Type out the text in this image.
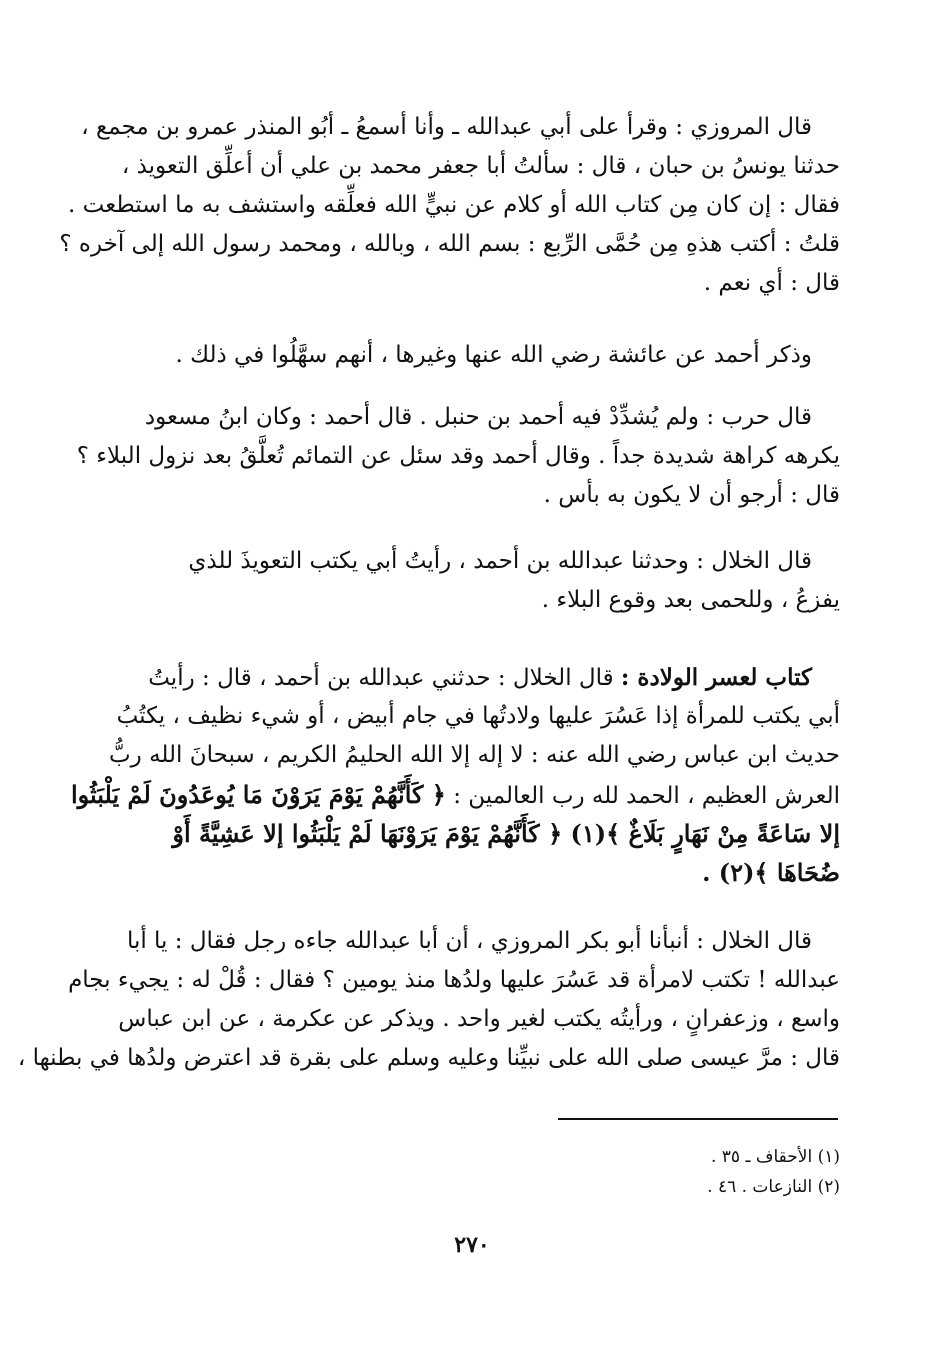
قال المروزي : وقرأ على أبي عبدالله ـ وأنا أسمعُ ـ أبُو المنذر عمرو بن مجمع ،
حدثنا يونسُ بن حبان ، قال : سألتُ أبا جعفر محمد بن علي أن أعلِّق التعويذ ،
فقال : إن كان مِن كتاب الله أو كلام عن نبيٍّ الله فعلِّقه واستشف به ما استطعت .
قلتُ : أكتب هذهِ مِن حُمَّى الرِّبع : بسم الله ، وبالله ، ومحمد رسول الله إلى آخره ؟
قال : أي نعم .
وذكر أحمد عن عائشة رضي الله عنها وغيرها ، أنهم سهَّلُوا في ذلك .
قال حرب : ولم يُشدِّدْ فيه أحمد بن حنبل . قال أحمد : وكان ابنُ مسعود
يكرهه كراهة شديدة جداً . وقال أحمد وقد سئل عن التمائم تُعلَّقُ بعد نزول البلاء ؟
قال : أرجو أن لا يكون به بأس .
قال الخلال : وحدثنا عبدالله بن أحمد ، رأيتُ أبي يكتب التعويذَ للذي
يفزعُ ، وللحمى بعد وقوع البلاء .
كتاب لعسر الولادة : قال الخلال : حدثني عبدالله بن أحمد ، قال : رأيتُ
أبي يكتب للمرأة إذا عَسُرَ عليها ولادتُها في جام أبيض ، أو شيء نظيف ، يكتُبُ
حديث ابن عباس رضي الله عنه : لا إله إلا الله الحليمُ الكريم ، سبحانَ الله ربُّ
العرش العظيم ، الحمد لله رب العالمين : ﴿ كَأَنَّهُمْ يَوْمَ يَرَوْنَ مَا يُوعَدُونَ لَمْ يَلْبَثُوا
إلا سَاعَةً مِنْ نَهَارٍ بَلَاغٌ ﴾(١) ﴿ كَأَنَّهُمْ يَوْمَ يَرَوْنَهَا لَمْ يَلْبَثُوا إلا عَشِيَّةً أَوْ
ضُحَاهَا ﴾(٢) .
قال الخلال : أنبأنا أبو بكر المروزي ، أن أبا عبدالله جاءه رجل فقال : يا أبا
عبدالله ! تكتب لامرأة قد عَسُرَ عليها ولدُها منذ يومين ؟ فقال : قُلْ له : يجيء بجام
واسع ، وزعفرانٍ ، ورأيتُه يكتب لغير واحد . ويذكر عن عكرمة ، عن ابن عباس
قال : مرَّ عيسى صلى الله على نبيِّنا وعليه وسلم على بقرة قد اعترض ولدُها في بطنها ،
(١) الأحقاف ـ ٣٥ .
(٢) النازعات . ٤٦ .
٢٧٠
